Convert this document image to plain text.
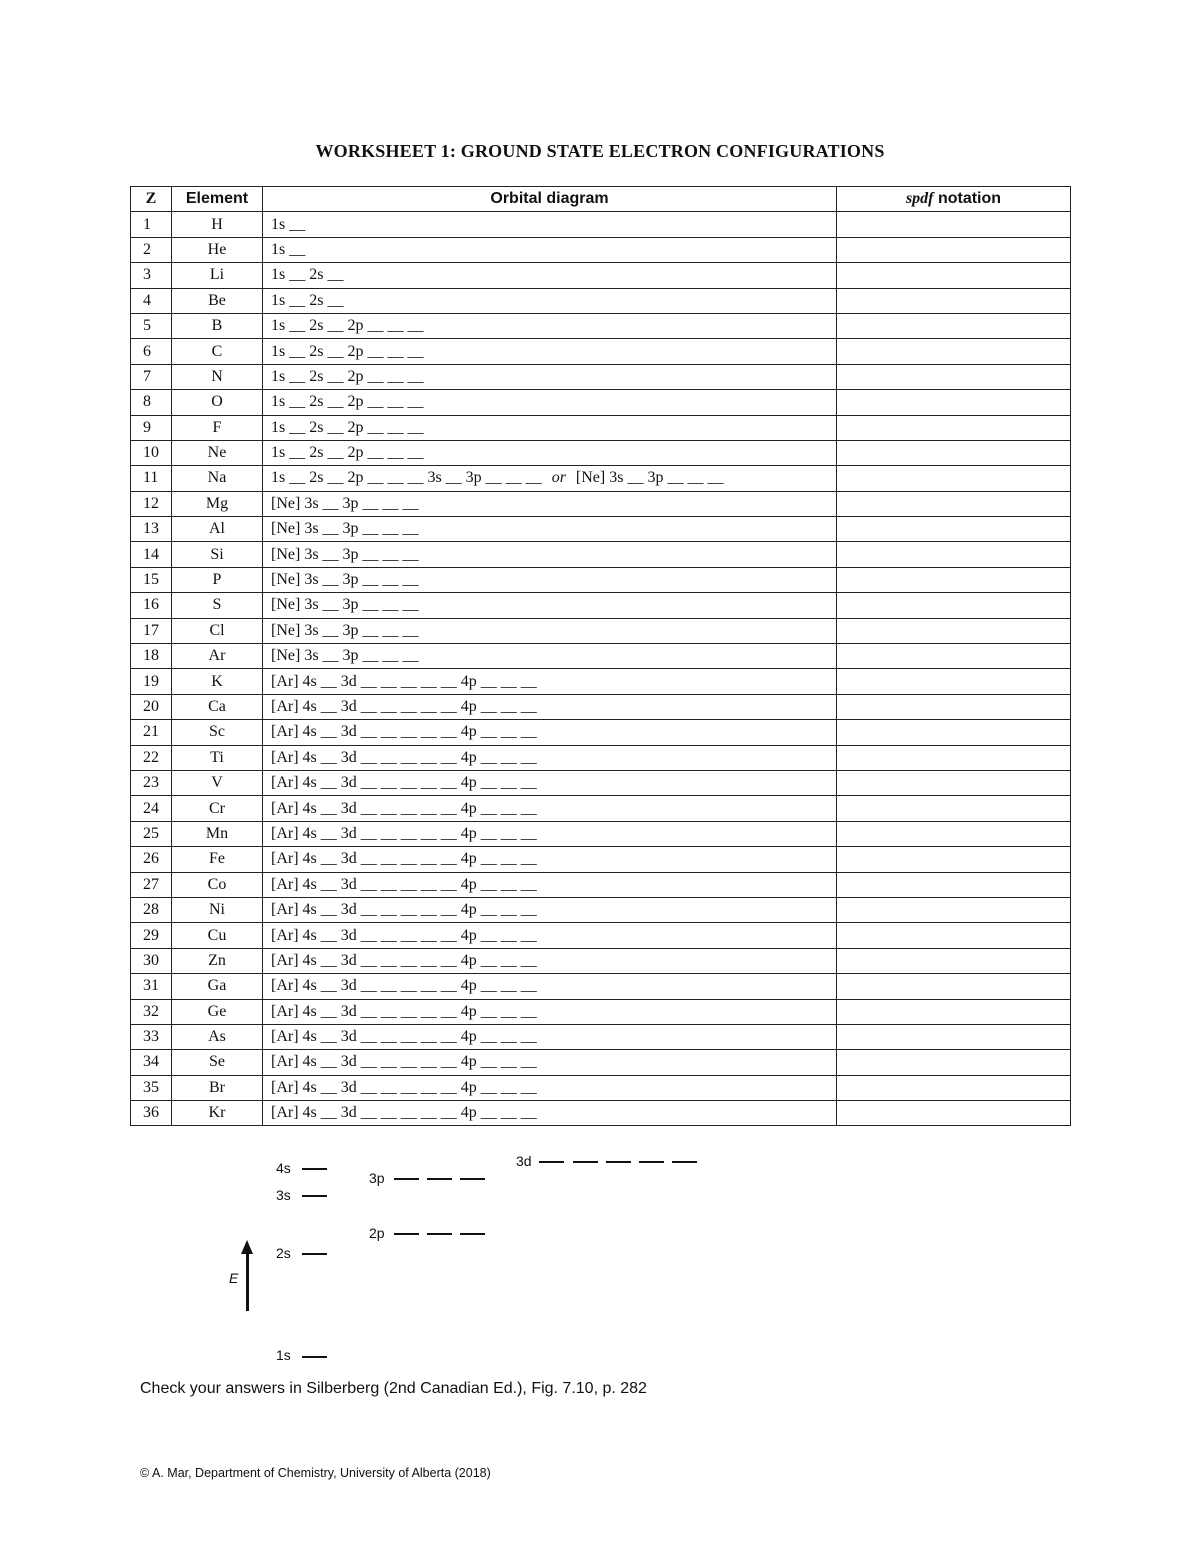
WORKSHEET 1: GROUND STATE ELECTRON CONFIGURATIONS
Z	Element	Orbital diagram	spdf notation
1	H	1s __	
2	He	1s __	
3	Li	1s __ 2s __	
4	Be	1s __ 2s __	
5	B	1s __ 2s __ 2p __ __ __	
6	C	1s __ 2s __ 2p __ __ __	
7	N	1s __ 2s __ 2p __ __ __	
8	O	1s __ 2s __ 2p __ __ __	
9	F	1s __ 2s __ 2p __ __ __	
10	Ne	1s __ 2s __ 2p __ __ __	
11	Na	1s __ 2s __ 2p __ __ __ 3s __ 3p __ __ __ or [Ne] 3s __ 3p __ __ __	
12	Mg	[Ne] 3s __ 3p __ __ __	
13	Al	[Ne] 3s __ 3p __ __ __	
14	Si	[Ne] 3s __ 3p __ __ __	
15	P	[Ne] 3s __ 3p __ __ __	
16	S	[Ne] 3s __ 3p __ __ __	
17	Cl	[Ne] 3s __ 3p __ __ __	
18	Ar	[Ne] 3s __ 3p __ __ __	
19	K	[Ar] 4s __ 3d __ __ __ __ __ 4p __ __ __	
20	Ca	[Ar] 4s __ 3d __ __ __ __ __ 4p __ __ __	
21	Sc	[Ar] 4s __ 3d __ __ __ __ __ 4p __ __ __	
22	Ti	[Ar] 4s __ 3d __ __ __ __ __ 4p __ __ __	
23	V	[Ar] 4s __ 3d __ __ __ __ __ 4p __ __ __	
24	Cr	[Ar] 4s __ 3d __ __ __ __ __ 4p __ __ __	
25	Mn	[Ar] 4s __ 3d __ __ __ __ __ 4p __ __ __	
26	Fe	[Ar] 4s __ 3d __ __ __ __ __ 4p __ __ __	
27	Co	[Ar] 4s __ 3d __ __ __ __ __ 4p __ __ __	
28	Ni	[Ar] 4s __ 3d __ __ __ __ __ 4p __ __ __	
29	Cu	[Ar] 4s __ 3d __ __ __ __ __ 4p __ __ __	
30	Zn	[Ar] 4s __ 3d __ __ __ __ __ 4p __ __ __	
31	Ga	[Ar] 4s __ 3d __ __ __ __ __ 4p __ __ __	
32	Ge	[Ar] 4s __ 3d __ __ __ __ __ 4p __ __ __	
33	As	[Ar] 4s __ 3d __ __ __ __ __ 4p __ __ __	
34	Se	[Ar] 4s __ 3d __ __ __ __ __ 4p __ __ __	
35	Br	[Ar] 4s __ 3d __ __ __ __ __ 4p __ __ __	
36	Kr	[Ar] 4s __ 3d __ __ __ __ __ 4p __ __ __	
4s
3s
2s
1s
3p
2p
3d
E
Check your answers in Silberberg (2nd Canadian Ed.), Fig. 7.10, p. 282
© A. Mar, Department of Chemistry, University of Alberta (2018)
